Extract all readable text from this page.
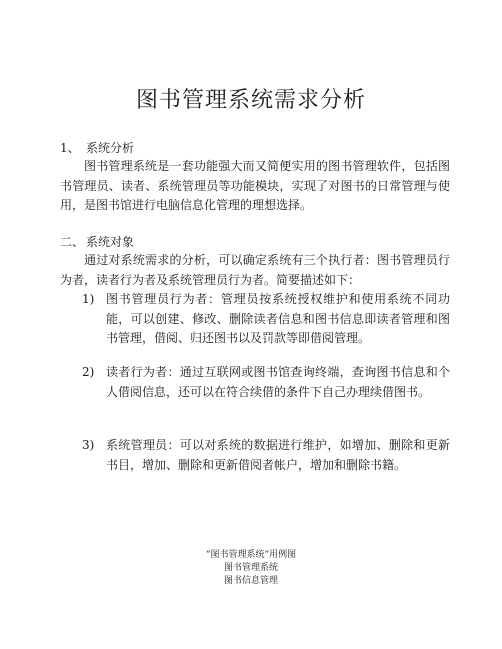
图书管理系统需求分析
1、 系统分析

图书管理系统是一套功能强大而又简便实用的图书管理软件，包括图书管理员、读者、系统管理员等功能模块，实现了对图书的日常管理与使用，是图书馆进行电脑信息化管理的理想选择。

二、 系统对象

通过对系统需求的分析，可以确定系统有三个执行者：图书管理员行为者，读者行为者及系统管理员行为者。简要描述如下：

1) 图书管理员行为者：管理员按系统授权维护和使用系统不同功能，可以创建、修改、删除读者信息和图书信息即读者管理和图书管理，借阅、归还图书以及罚款等即借阅管理。
2) 读者行为者：通过互联网或图书馆查询终端，查询图书信息和个人借阅信息，还可以在符合续借的条件下自己办理续借图书。
3) 系统管理员：可以对系统的数据进行维护，如增加、删除和更新书目，增加、删除和更新借阅者帐户，增加和删除书籍。
“图书管理系统“用例图
图书管理系统
图书信息管理
